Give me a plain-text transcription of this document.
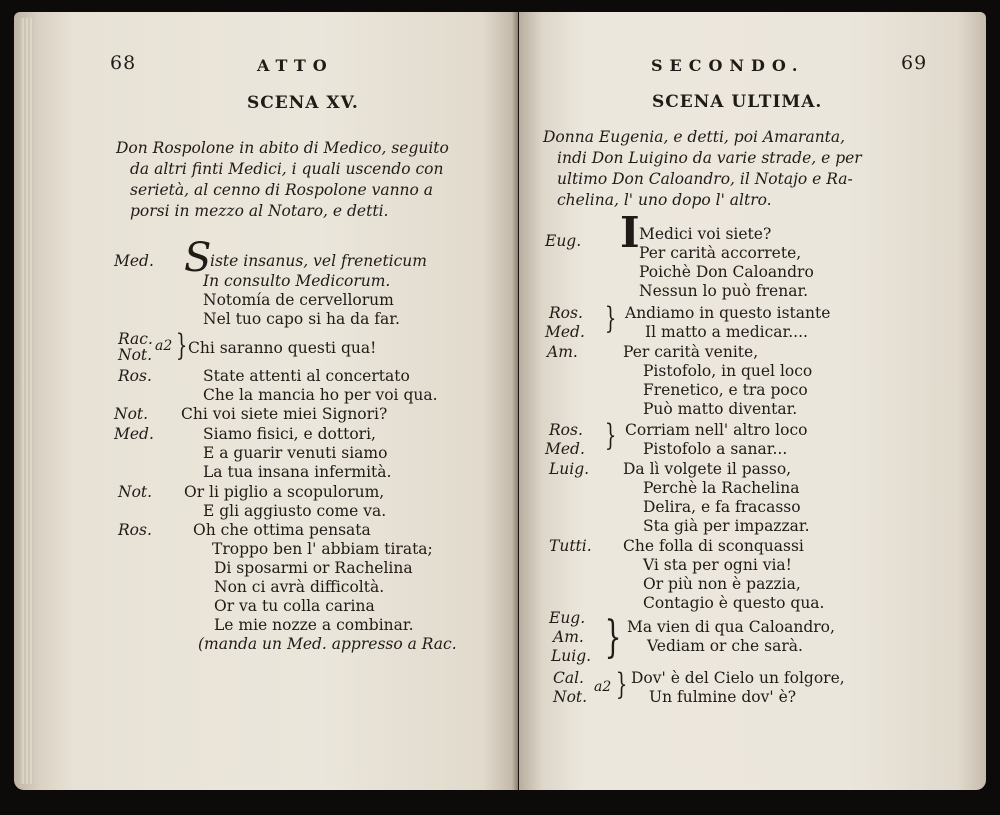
68	ATTO
SCENA XV.
Don Rospolone in abito di Medico, seguito
da altri finti Medici, i quali uscendo con
serietà, al cenno di Rospolone vanno a
porsi in mezzo al Notaro, e detti.
Med. S
iste insanus, vel freneticum
In consulto Medicorum.
Notomía de cervellorum
Nel tuo capo si ha da far.
Rac.
Not. a2 } Chi saranno questi qua!
Ros.	State attenti al concertato
Che la mancia ho per voi qua.
Not. Chi voi siete miei Signori?
Med.	Siamo fisici, e dottori,
E a guarir venuti siamo
La tua insana infermità.
Not. Or li piglio a scopulorum,
E gli aggiusto come va.
Ros.	Oh che ottima pensata
Troppo ben l' abbiam tirata;
Di sposarmi or Rachelina
Non ci avrà difficoltà.
Or va tu colla carina
Le mie nozze a combinar.
(manda un Med. appresso a Rac.
SECONDO.	69
SCENA ULTIMA.
Donna Eugenia, e detti, poi Amaranta,
indi Don Luigino da varie strade, e per
ultimo Don Caloandro, il Notajo e Ra-
chelina, l' uno dopo l' altro.
Eug. I Medici voi siete?
Per carità accorrete,
Poichè Don Caloandro
Nessun lo può frenar.
Ros.
Med. } Andiamo in questo istante
Il matto a medicar....
Am.	Per carità venite,
Pistofolo, in quel loco
Frenetico, e tra poco
Può matto diventar.
Ros.
Med. } Corriam nell' altro loco
Pistofolo a sanar...
Luig. Da lì volgete il passo,
Perchè la Rachelina
Delira, e fa fracasso
Sta già per impazzar.
Tutti. Che folla di sconquassi
Vi sta per ogni via!
Or più non è pazzia,
Contagio è questo qua.
Eug.
Am.
Luig. } Ma vien di qua Caloandro,
Vediam or che sarà.
Cal.
Not.
a2 } Dov' è del Cielo un folgore,
Un fulmine dov' è?
